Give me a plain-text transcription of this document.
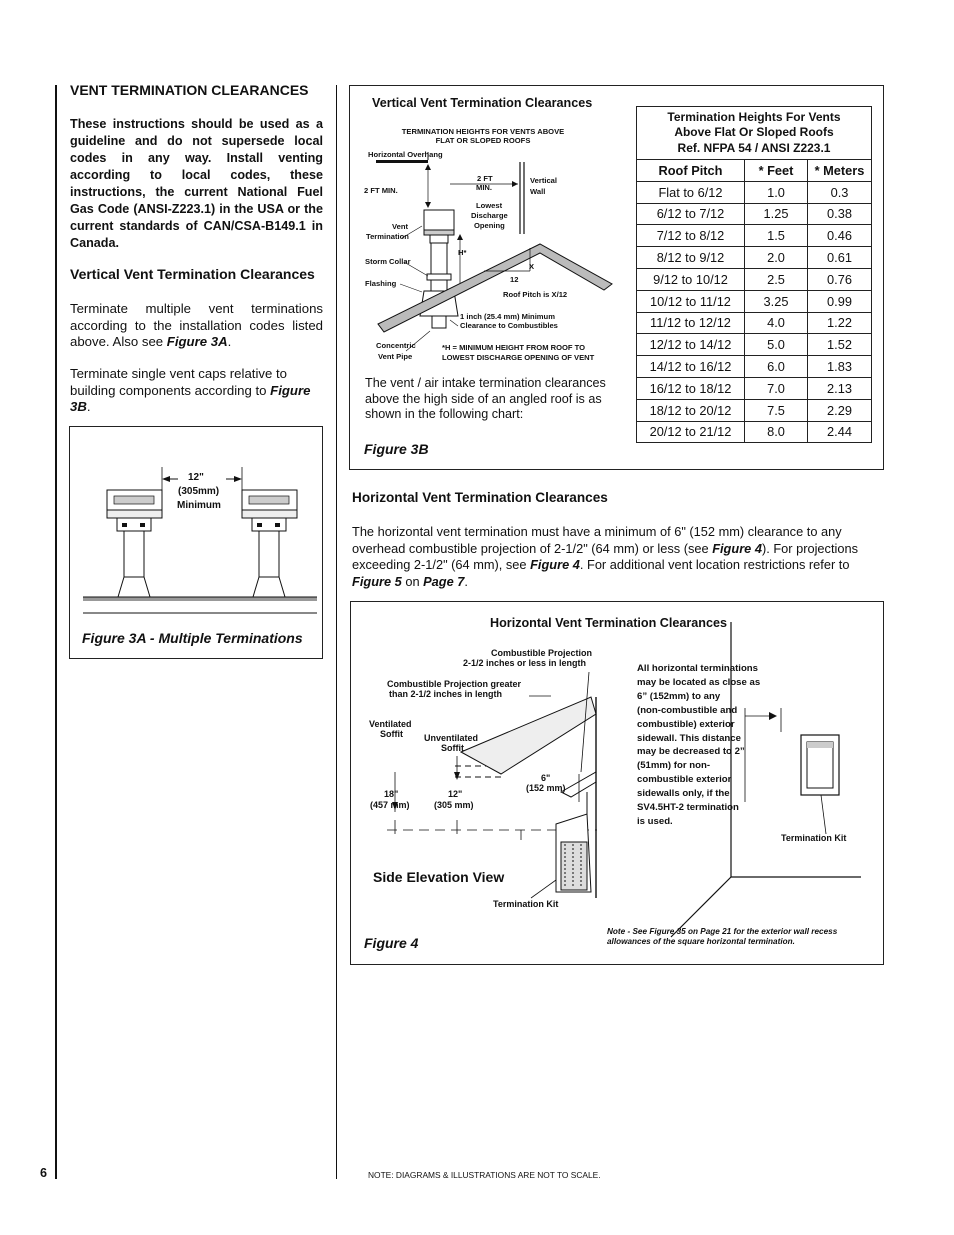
VENT TERMINATION CLEARANCES
These instructions should be used as a guideline and do not supersede local codes in any way. Install venting according to local codes, these instructions, the current National Fuel Gas Code (ANSI-Z223.1) in the USA or the current standards of CAN/CSA-B149.1 in Canada.
Vertical Vent Termination Clearances
Terminate multiple vent terminations according to the installation codes listed above. Also see Figure 3A.
Terminate single vent caps relative to building components according to Figure 3B.
12"
(305mm)
Minimum
Figure 3A - Multiple Terminations
Vertical Vent Termination Clearances
TERMINATION HEIGHTS FOR VENTS ABOVE FLAT OR SLOPED ROOFS
Horizontal Overhang
2 FT MIN.
2 FT
MIN.
Vertical
Wall
Lowest
Discharge
Opening
Vent
Termination
H*
X
12
Storm Collar
Flashing
Roof Pitch is X/12
1 inch (25.4 mm) Minimum
Clearance to Combustibles
Concentric
Vent Pipe
*H = MINIMUM HEIGHT FROM ROOF TO
LOWEST DISCHARGE OPENING OF VENT
The vent / air intake termination clearances above the high side of an angled roof is as shown in the following chart:
Figure 3B
Termination Heights For Vents
Above Flat Or Sloped Roofs
Ref. NFPA 54 / ANSI Z223.1		

Roof Pitch	* Feet	* Meters
Flat to 6/12	1.0	0.3
6/12 to 7/12	1.25	0.38
7/12 to 8/12	1.5	0.46
8/12 to 9/12	2.0	0.61
9/12 to 10/12	2.5	0.76
10/12 to 11/12	3.25	0.99
11/12 to 12/12	4.0	1.22
12/12 to 14/12	5.0	1.52
14/12 to 16/12	6.0	1.83
16/12 to 18/12	7.0	2.13
18/12 to 20/12	7.5	2.29
20/12 to 21/12	8.0	2.44
Horizontal Vent Termination Clearances
The horizontal vent termination must have a minimum of 6" (152 mm) clearance to any overhead combustible projection of 2-1/2" (64 mm) or less (see Figure 4). For projections exceeding 2-1/2" (64 mm), see Figure 4. For additional vent location restrictions refer to Figure 5 on Page 7.
Horizontal Vent Termination Clearances
Combustible Projection
2-1/2 inches or less in length
Combustible Projection greater
than 2-1/2 inches in length
Ventilated
Soffit Unventilated
Soffit
18"
(457 mm)
12"
(305 mm)
6"
(152 mm)
Side Elevation View
Termination Kit
Termination Kit
All horizontal terminations
may be located as close as
6” (152mm) to any
(non-combustible and
combustible) exterior
sidewall. This distance
may be decreased to 2”
(51mm) for non-
combustible exterior
sidewalls only, if the
SV4.5HT-2 termination
is used.
Note - See Figure 35 on Page 21 for the exterior wall recess
allowances of the square horizontal termination.
Figure 4
6	NOTE: DIAGRAMS & ILLUSTRATIONS ARE NOT TO SCALE.
